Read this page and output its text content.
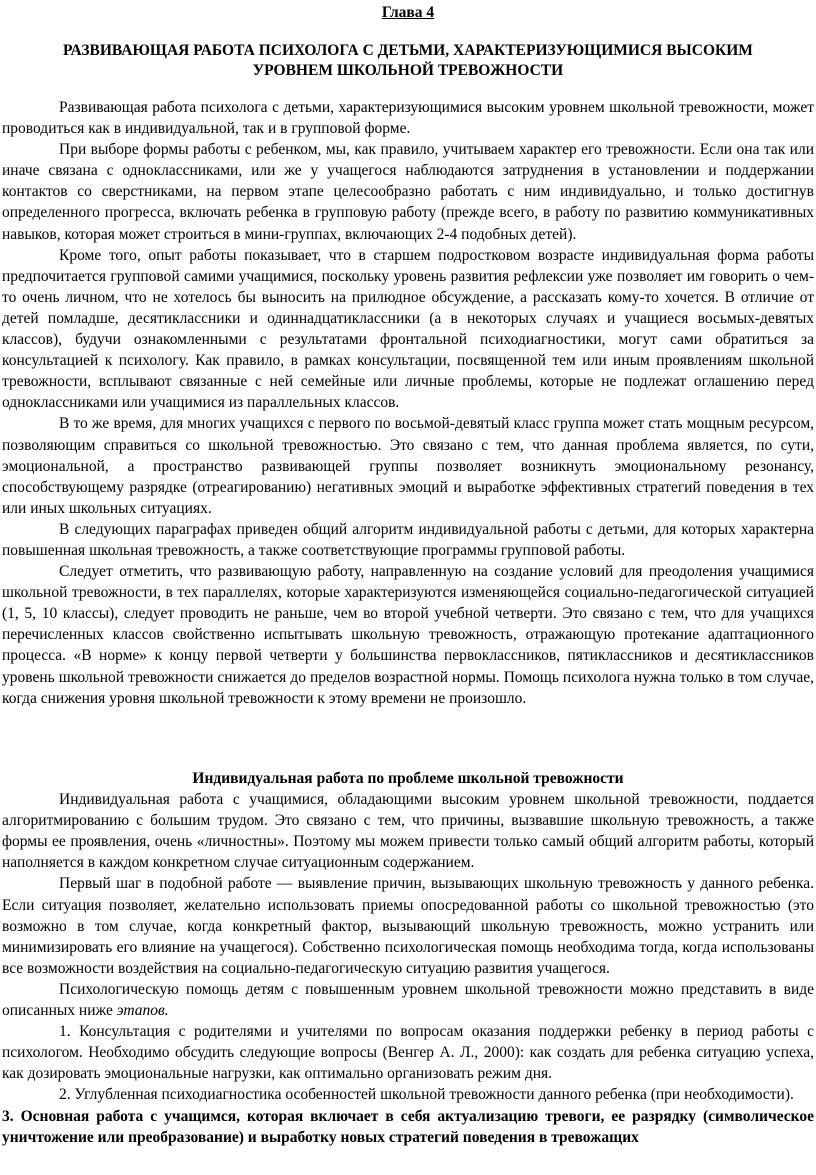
Глава 4
РАЗВИВАЮЩАЯ РАБОТА ПСИХОЛОГА С ДЕТЬМИ, ХАРАКТЕРИЗУЮЩИМИСЯ ВЫСОКИМ УРОВНЕМ ШКОЛЬНОЙ ТРЕВОЖНОСТИ

Развивающая работа психолога с детьми, характеризующимися высоким уровнем школьной тревожности, может проводиться как в индивидуальной, так и в групповой форме.

При выборе формы работы с ребенком, мы, как правило, учитываем характер его тревожности. Если она так или иначе связана с одноклассниками, или же у учащегося наблюдаются затруднения в установлении и поддержании контактов со сверстниками, на первом этапе целесообразно работать с ним индивидуально, и только достигнув определенного прогресса, включать ребенка в групповую работу (прежде всего, в работу по развитию коммуникативных навыков, которая может строиться в мини-группах, включающих 2-4 подобных детей).

Кроме того, опыт работы показывает, что в старшем подростковом возрасте индивидуальная форма работы предпочитается групповой самими учащимися, поскольку уровень развития рефлексии уже позволяет им говорить о чем-то очень личном, что не хотелось бы выносить на прилюдное обсуждение, а рассказать кому-то хочется. В отличие от детей помладше, десятиклассники и одиннадцатиклассники (а в некоторых случаях и учащиеся восьмых-девятых классов), будучи ознакомленными с результатами фронтальной психодиагностики, могут сами обратиться за консультацией к психологу. Как правило, в рамках консультации, посвященной тем или иным проявлениям школьной тревожности, всплывают связанные с ней семейные или личные проблемы, которые не подлежат оглашению перед одноклассниками или учащимися из параллельных классов.

В то же время, для многих учащихся с первого по восьмой-девятый класс группа может стать мощным ресурсом, позволяющим справиться со школьной тревожностью. Это связано с тем, что данная проблема является, по сути, эмоциональной, а пространство развивающей группы позволяет возникнуть эмоциональному резонансу, способствующему разрядке (отреагированию) негативных эмоций и выработке эффективных стратегий поведения в тех или иных школьных ситуациях.

В следующих параграфах приведен общий алгоритм индивидуальной работы с детьми, для которых характерна повышенная школьная тревожность, а также соответствующие программы групповой работы.

Следует отметить, что развивающую работу, направленную на создание условий для преодоления учащимися школьной тревожности, в тех параллелях, которые характеризуются изменяющейся социально-педагогической ситуацией (1, 5, 10 классы), следует проводить не раньше, чем во второй учебной четверти. Это связано с тем, что для учащихся перечисленных классов свойственно испытывать школьную тревожность, отражающую протекание адаптационного процесса. «В норме» к концу первой четверти у большинства первоклассников, пятиклассников и десятиклассников уровень школьной тревожности снижается до пределов возрастной нормы. Помощь психолога нужна только в том случае, когда снижения уровня школьной тревожности к этому времени не произошло.

Индивидуальная работа по проблеме школьной тревожности

Индивидуальная работа с учащимися, обладающими высоким уровнем школьной тревожности, поддается алгоритмированию с большим трудом. Это связано с тем, что причины, вызвавшие школьную тревожность, а также формы ее проявления, очень «личностны». Поэтому мы можем привести только самый общий алгоритм работы, который наполняется в каждом конкретном случае ситуационным содержанием.

Первый шаг в подобной работе — выявление причин, вызывающих школьную тревожность у данного ребенка. Если ситуация позволяет, желательно использовать приемы опосредованной работы со школьной тревожностью (это возможно в том случае, когда конкретный фактор, вызывающий школьную тревожность, можно устранить или минимизировать его влияние на учащегося). Собственно психологическая помощь необходима тогда, когда использованы все возможности воздействия на социально-педагогическую ситуацию развития учащегося.

Психологическую помощь детям с повышенным уровнем школьной тревожности можно представить в виде описанных ниже этапов.

1. Консультация с родителями и учителями по вопросам оказания поддержки ребенку в период работы с психологом. Необходимо обсудить следующие вопросы (Венгер А. Л., 2000): как создать для ребенка ситуацию успеха, как дозировать эмоциональные нагрузки, как оптимально организовать режим дня.

2. Углубленная психодиагностика особенностей школьной тревожности данного ребенка (при необходимости).

3. Основная работа с учащимся, которая включает в себя актуализацию тревоги, ее разрядку (символическое уничтожение или преобразование) и выработку новых стратегий поведения в тревожащих
